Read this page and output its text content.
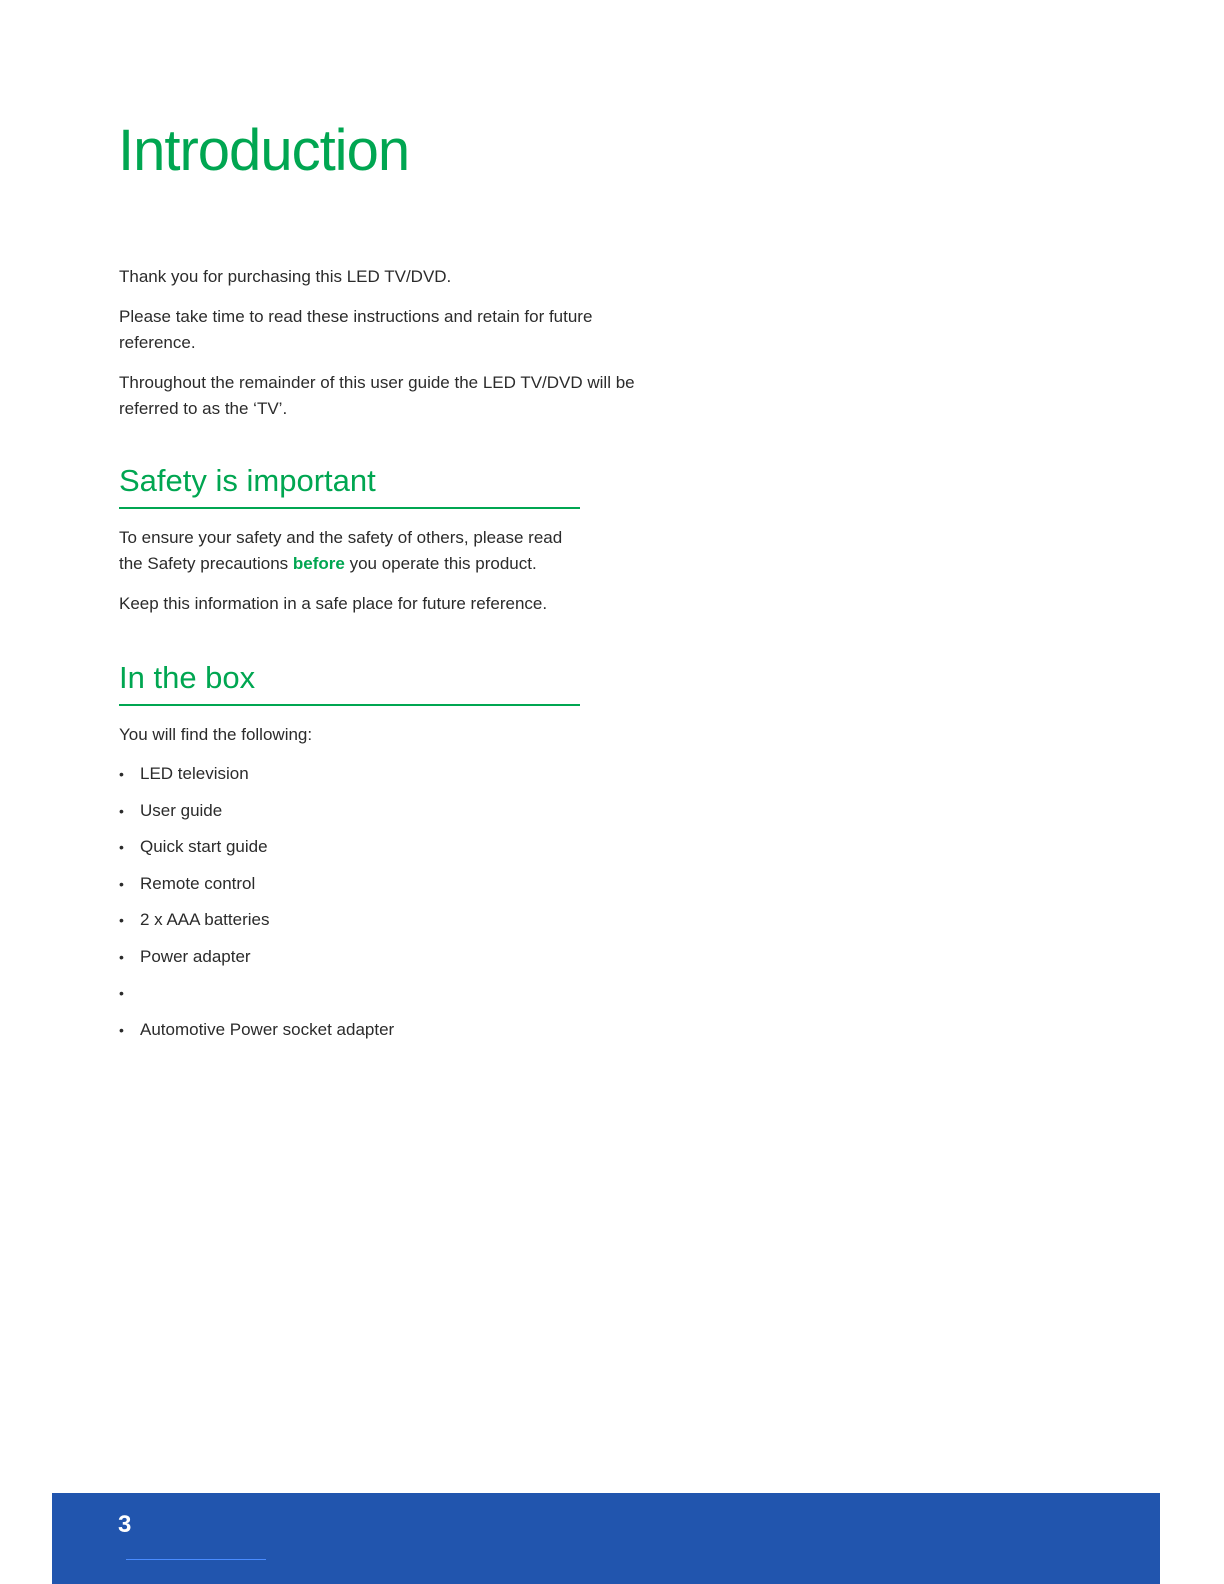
Introduction

Thank you for purchasing this LED TV/DVD.

Please take time to read these instructions and retain for future reference.

Throughout the remainder of this user guide the LED TV/DVD will be referred to as the ‘TV’.

Safety is important

To ensure your safety and the safety of others, please read the Safety precautions before you operate this product.

Keep this information in a safe place for future reference.

In the box

You will find the following:

• LED television
• User guide
• Quick start guide
• Remote control
• 2 x AAA batteries
• Power adapter
•
• Automotive Power socket adapter
3
